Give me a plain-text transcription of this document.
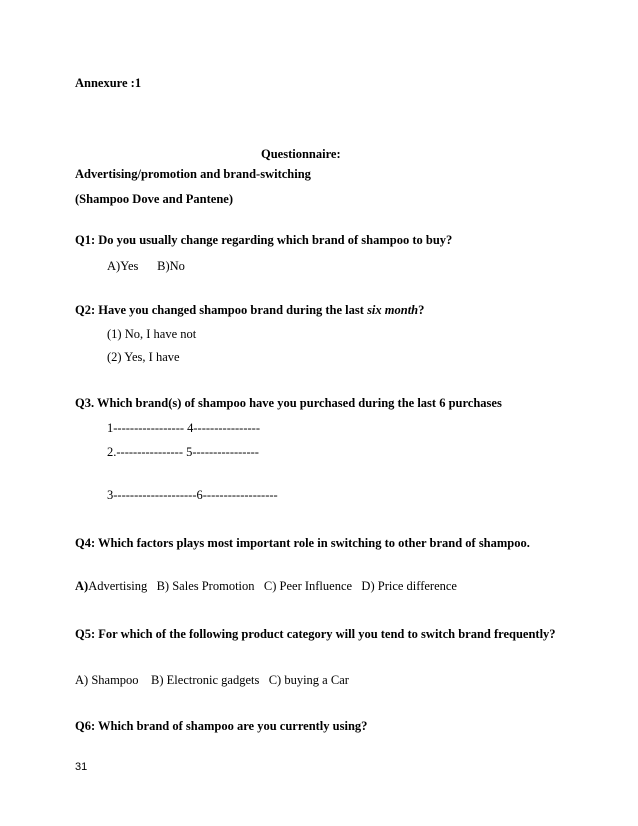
Annexure :1
Questionnaire:
Advertising/promotion and brand-switching
(Shampoo Dove and Pantene)
Q1: Do you usually change regarding which brand of shampoo to buy?
A)Yes      B)No
Q2: Have you changed shampoo brand during the last six month?
(1) No, I have not
(2) Yes, I have
Q3. Which brand(s) of shampoo have you purchased during the last 6 purchases
1----------------- 4----------------
2.---------------- 5----------------
3--------------------6------------------
Q4: Which factors plays most important role in switching to other brand of shampoo.
A)Advertising   B) Sales Promotion   C) Peer Influence   D) Price difference
Q5: For which of the following product category will you tend to switch brand frequently?
A) Shampoo    B) Electronic gadgets   C) buying a Car
Q6: Which brand of shampoo are you currently using?
31
